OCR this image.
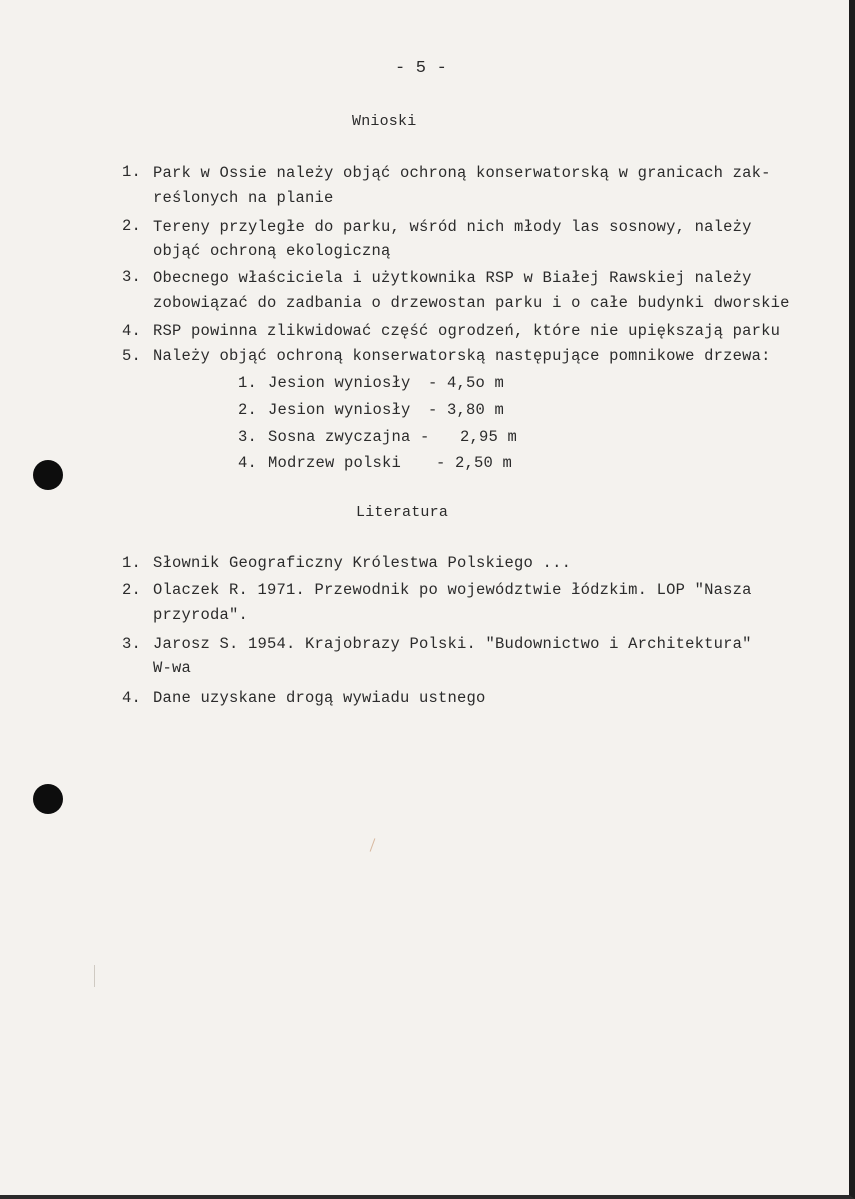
- 5 -
Wnioski
1. Park w Ossie należy objąć ochroną konserwatorską w granicach zak-
reślonych na planie
2. Tereny przyległe do parku, wśród nich młody las sosnowy, należy
objąć ochroną ekologiczną
3. Obecnego właściciela i użytkownika RSP w Białej Rawskiej należy
zobowiązać do zadbania o drzewostan parku i o całe budynki dworskie
4. RSP powinna zlikwidować część ogrodzeń, które nie upiększają parku
5. Należy objąć ochroną konserwatorską następujące pomnikowe drzewa:
1. Jesion wyniosły - 4,5o m
2. Jesion wyniosły - 3,80 m
3. Sosna zwyczajna - 2,95 m
4. Modrzew polski - 2,50 m
Literatura
1. Słownik Geograficzny Królestwa Polskiego ...
2. Olaczek R. 1971. Przewodnik po województwie łódzkim. LOP "Nasza
przyroda".
3. Jarosz S. 1954. Krajobrazy Polski. "Budownictwo i Architektura"
W-wa
4. Dane uzyskane drogą wywiadu ustnego
